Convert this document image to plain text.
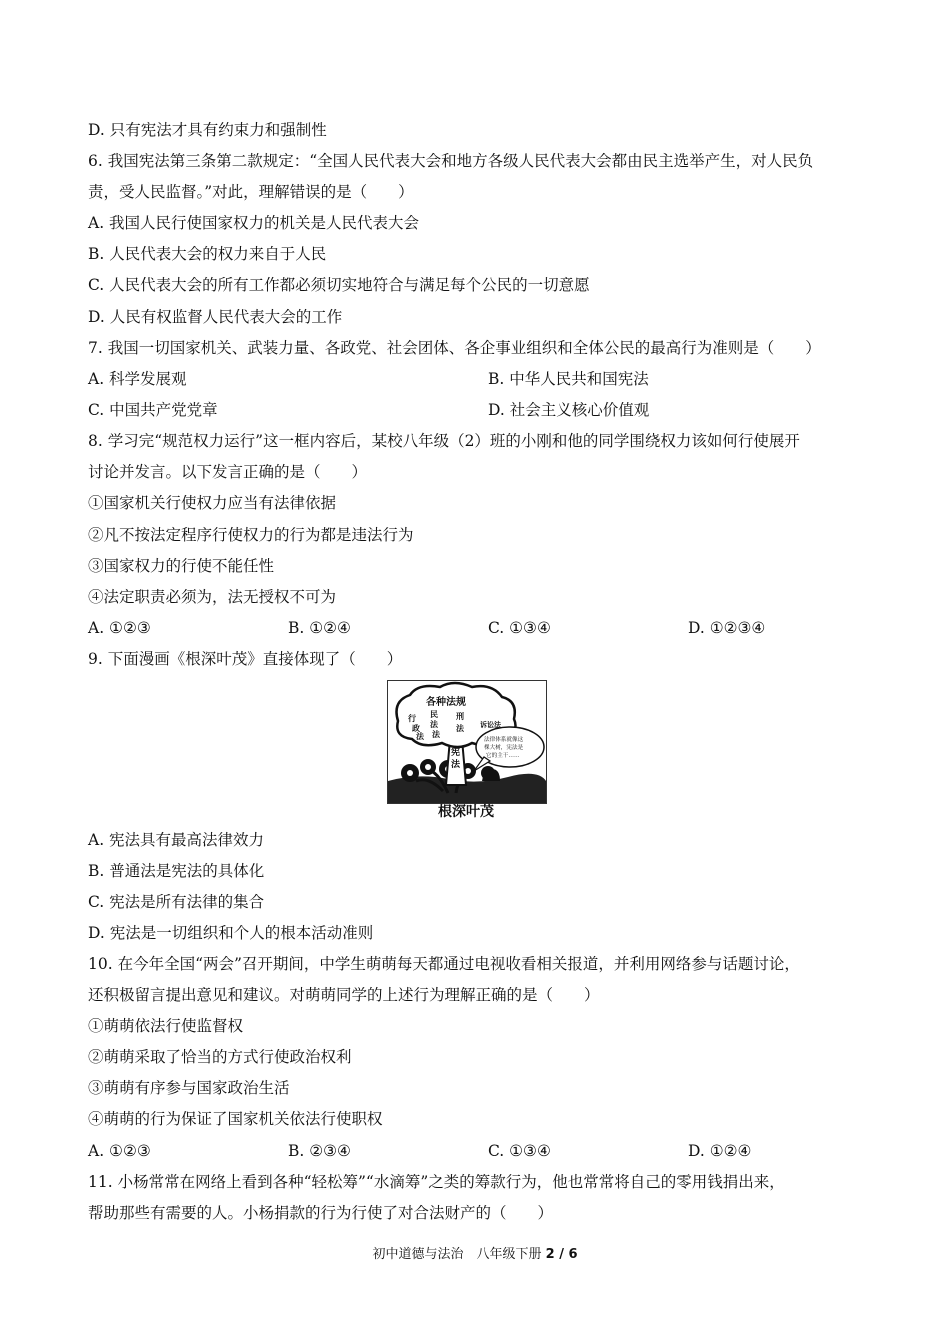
D. 只有宪法才具有约束力和强制性
6. 我国宪法第三条第二款规定：“全国人民代表大会和地方各级人民代表大会都由民主选举产生，对人民负
责，受人民监督。”对此，理解错误的是（　　）
A. 我国人民行使国家权力的机关是人民代表大会
B. 人民代表大会的权力来自于人民
C. 人民代表大会的所有工作都必须切实地符合与满足每个公民的一切意愿
D. 人民有权监督人民代表大会的工作
7. 我国一切国家机关、武装力量、各政党、社会团体、各企事业组织和全体公民的最高行为准则是（　　）
A. 科学发展观	B. 中华人民共和国宪法
C. 中国共产党党章	D. 社会主义核心价值观
8. 学习完“规范权力运行”这一框内容后，某校八年级（2）班的小刚和他的同学围绕权力该如何行使展开
讨论并发言。以下发言正确的是（　　）
①国家机关行使权力应当有法律依据
②凡不按法定程序行使权力的行为都是违法行为
③国家权力的行使不能任性
④法定职责必须为，法无授权不可为
A. ①②③	B. ①②④	C. ①③④	D. ①②③④
9. 下面漫画《根深叶茂》直接体现了（　　）
各种法规
刑
民
法
行
政
法
法
法
诉讼法
宪
法
法律体系就像这
棵大树，宪法是
它的主干……
根深叶茂
A. 宪法具有最高法律效力
B. 普通法是宪法的具体化
C. 宪法是所有法律的集合
D. 宪法是一切组织和个人的根本活动准则
10. 在今年全国“两会”召开期间，中学生萌萌每天都通过电视收看相关报道，并利用网络参与话题讨论，
还积极留言提出意见和建议。对萌萌同学的上述行为理解正确的是（　　）
①萌萌依法行使监督权
②萌萌采取了恰当的方式行使政治权利
③萌萌有序参与国家政治生活
④萌萌的行为保证了国家机关依法行使职权
A. ①②③	B. ②③④	C. ①③④	D. ①②④
11. 小杨常常在网络上看到各种“轻松筹”“水滴筹”之类的筹款行为，他也常常将自己的零用钱捐出来，
帮助那些有需要的人。小杨捐款的行为行使了对合法财产的（　　）
初中道德与法治　八年级下册 2 / 6
